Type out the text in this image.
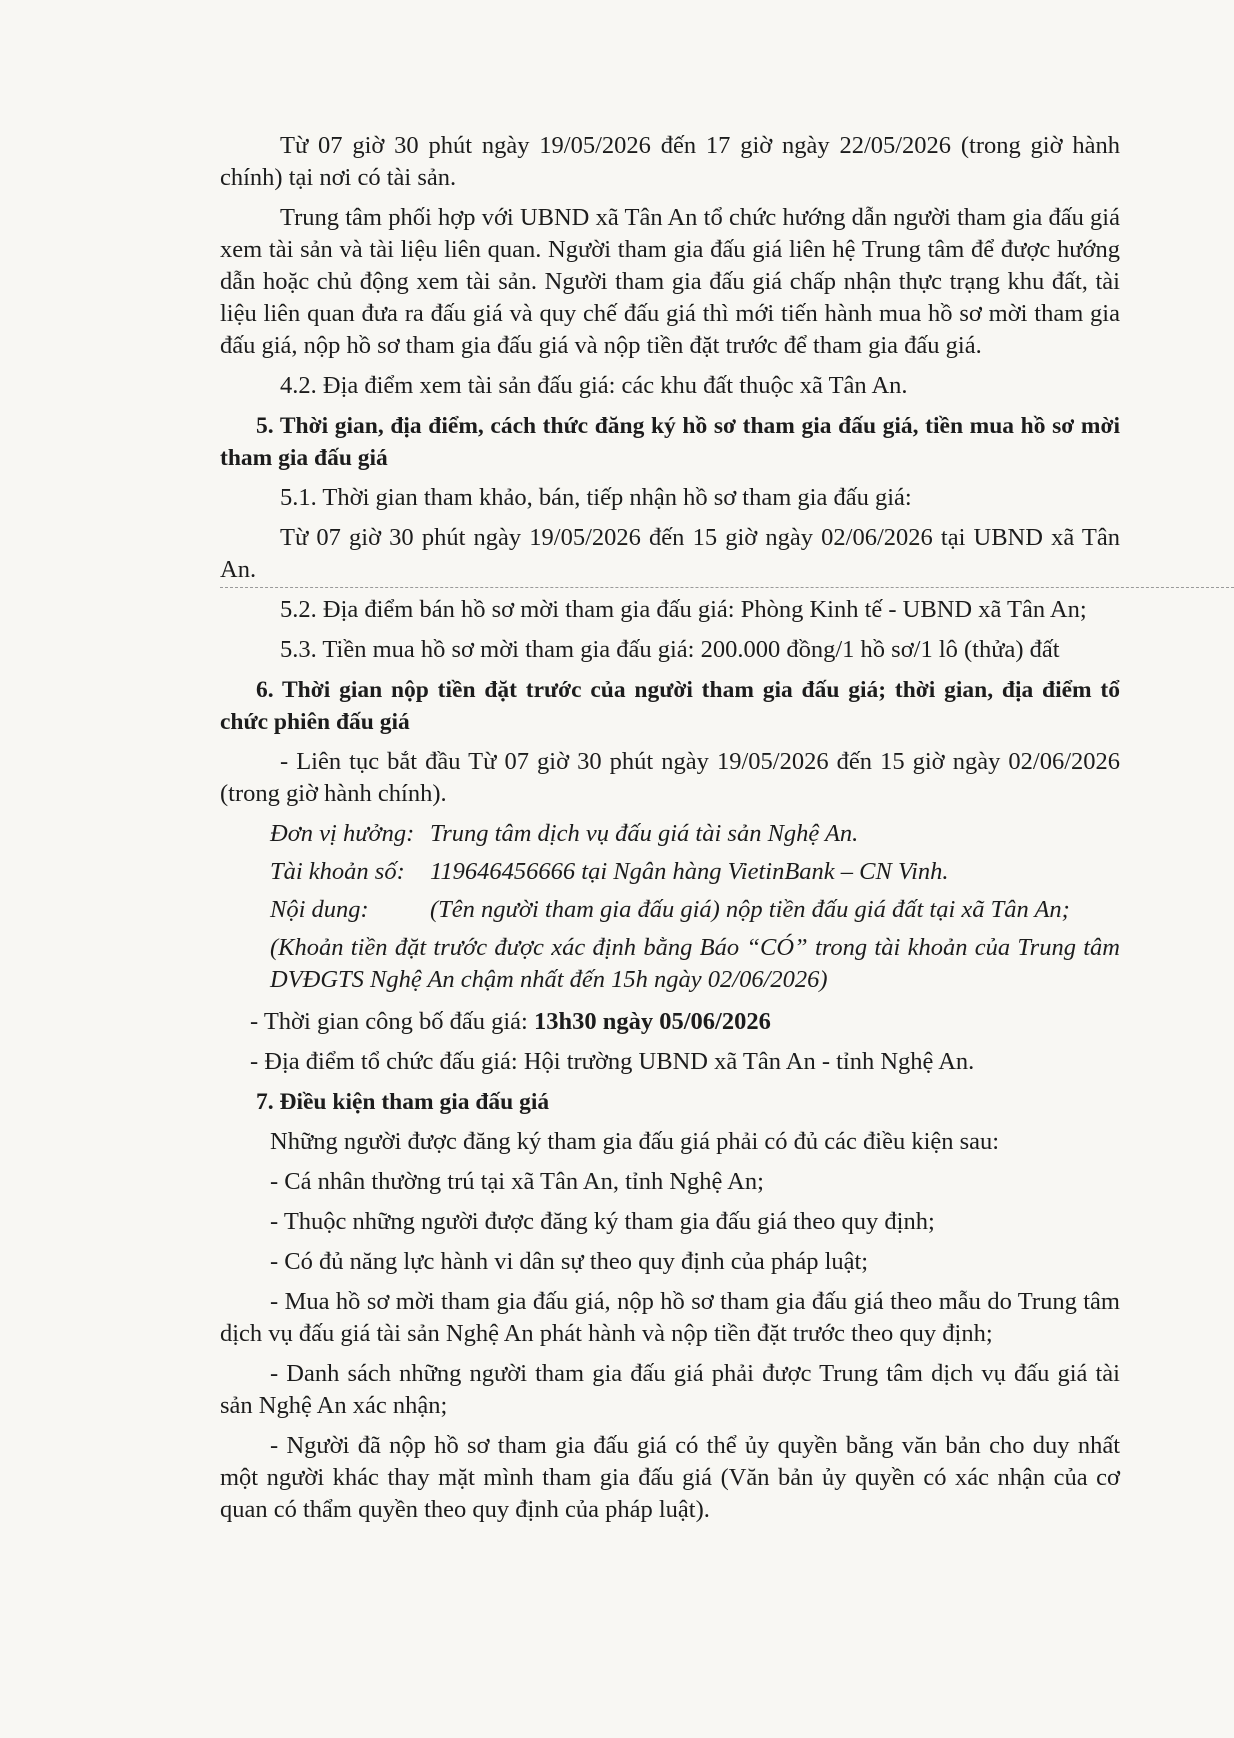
Từ 07 giờ 30 phút ngày 19/05/2026 đến 17 giờ ngày 22/05/2026 (trong giờ hành chính) tại nơi có tài sản.

Trung tâm phối hợp với UBND xã Tân An tổ chức hướng dẫn người tham gia đấu giá xem tài sản và tài liệu liên quan. Người tham gia đấu giá liên hệ Trung tâm để được hướng dẫn hoặc chủ động xem tài sản. Người tham gia đấu giá chấp nhận thực trạng khu đất, tài liệu liên quan đưa ra đấu giá và quy chế đấu giá thì mới tiến hành mua hồ sơ mời tham gia đấu giá, nộp hồ sơ tham gia đấu giá và nộp tiền đặt trước để tham gia đấu giá.

4.2. Địa điểm xem tài sản đấu giá: các khu đất thuộc xã Tân An.

5. Thời gian, địa điểm, cách thức đăng ký hồ sơ tham gia đấu giá, tiền mua hồ sơ mời tham gia đấu giá

5.1. Thời gian tham khảo, bán, tiếp nhận hồ sơ tham gia đấu giá:

Từ 07 giờ 30 phút ngày 19/05/2026 đến 15 giờ ngày 02/06/2026 tại UBND xã Tân An.

5.2. Địa điểm bán hồ sơ mời tham gia đấu giá: Phòng Kinh tế - UBND xã Tân An;

5.3. Tiền mua hồ sơ mời tham gia đấu giá: 200.000 đồng/1 hồ sơ/1 lô (thửa) đất

6. Thời gian nộp tiền đặt trước của người tham gia đấu giá; thời gian, địa điểm tổ chức phiên đấu giá

- Liên tục bắt đầu Từ 07 giờ 30 phút ngày 19/05/2026 đến 15 giờ ngày 02/06/2026 (trong giờ hành chính).

Đơn vị hưởng: Trung tâm dịch vụ đấu giá tài sản Nghệ An.
Tài khoản số:	119646456666 tại Ngân hàng VietinBank – CN Vinh.
Nội dung:	(Tên người tham gia đấu giá) nộp tiền đấu giá đất tại xã Tân An;

(Khoản tiền đặt trước được xác định bằng Báo “CÓ” trong tài khoản của Trung tâm DVĐGTS Nghệ An chậm nhất đến 15h ngày 02/06/2026)

- Thời gian công bố đấu giá: 13h30 ngày 05/06/2026

- Địa điểm tổ chức đấu giá: Hội trường UBND xã Tân An - tỉnh Nghệ An.

7. Điều kiện tham gia đấu giá

Những người được đăng ký tham gia đấu giá phải có đủ các điều kiện sau:

- Cá nhân thường trú tại xã Tân An, tỉnh Nghệ An;

- Thuộc những người được đăng ký tham gia đấu giá theo quy định;

- Có đủ năng lực hành vi dân sự theo quy định của pháp luật;

- Mua hồ sơ mời tham gia đấu giá, nộp hồ sơ tham gia đấu giá theo mẫu do Trung tâm dịch vụ đấu giá tài sản Nghệ An phát hành và nộp tiền đặt trước theo quy định;

- Danh sách những người tham gia đấu giá phải được Trung tâm dịch vụ đấu giá tài sản Nghệ An xác nhận;

- Người đã nộp hồ sơ tham gia đấu giá có thể ủy quyền bằng văn bản cho duy nhất một người khác thay mặt mình tham gia đấu giá (Văn bản ủy quyền có xác nhận của cơ quan có thẩm quyền theo quy định của pháp luật).
